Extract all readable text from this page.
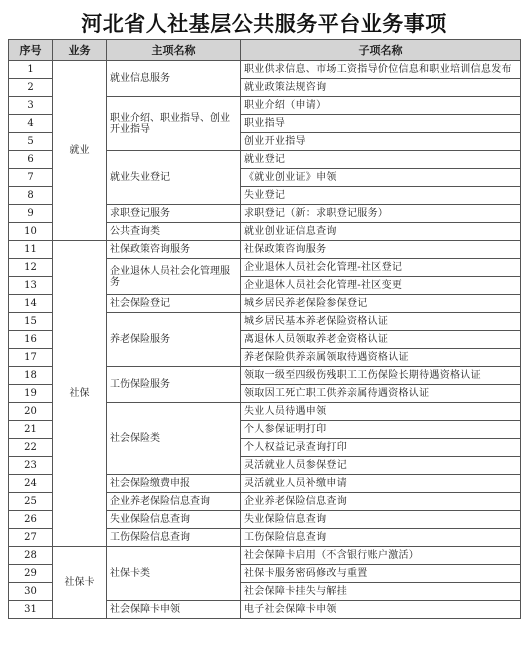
河北省人社基层公共服务平台业务事项
序号	业务	主项名称	子项名称
1	就业	就业信息服务	职业供求信息、市场工资指导价位信息和职业培训信息发布
2			就业政策法规咨询
3		职业介绍、职业指导、创业开业指导	职业介绍（申请）
4			职业指导
5			创业开业指导
6		就业失业登记	就业登记
7			《就业创业证》申领
8			失业登记
9		求职登记服务	求职登记（新：求职登记服务）
10		公共查询类	就业创业证信息查询
11	社保	社保政策咨询服务	社保政策咨询服务
12		企业退休人员社会化管理服务	企业退休人员社会化管理-社区登记
13			企业退休人员社会化管理-社区变更
14		社会保险登记	城乡居民养老保险参保登记
15		养老保险服务	城乡居民基本养老保险资格认证
16			离退休人员领取养老金资格认证
17			养老保险供养亲属领取待遇资格认证
18		工伤保险服务	领取一级至四级伤残职工工伤保险长期待遇资格认证
19			领取因工死亡职工供养亲属待遇资格认证
20		社会保险类	失业人员待遇申领
21			个人参保证明打印
22			个人权益记录查询打印
23			灵活就业人员参保登记
24		社会保险缴费申报	灵活就业人员补缴申请
25		企业养老保险信息查询	企业养老保险信息查询
26		失业保险信息查询	失业保险信息查询
27		工伤保险信息查询	工伤保险信息查询
28	社保卡	社保卡类	社会保障卡启用（不含银行账户激活）
29			社保卡服务密码修改与重置
30			社会保障卡挂失与解挂
31		社会保障卡申领	电子社会保障卡申领
